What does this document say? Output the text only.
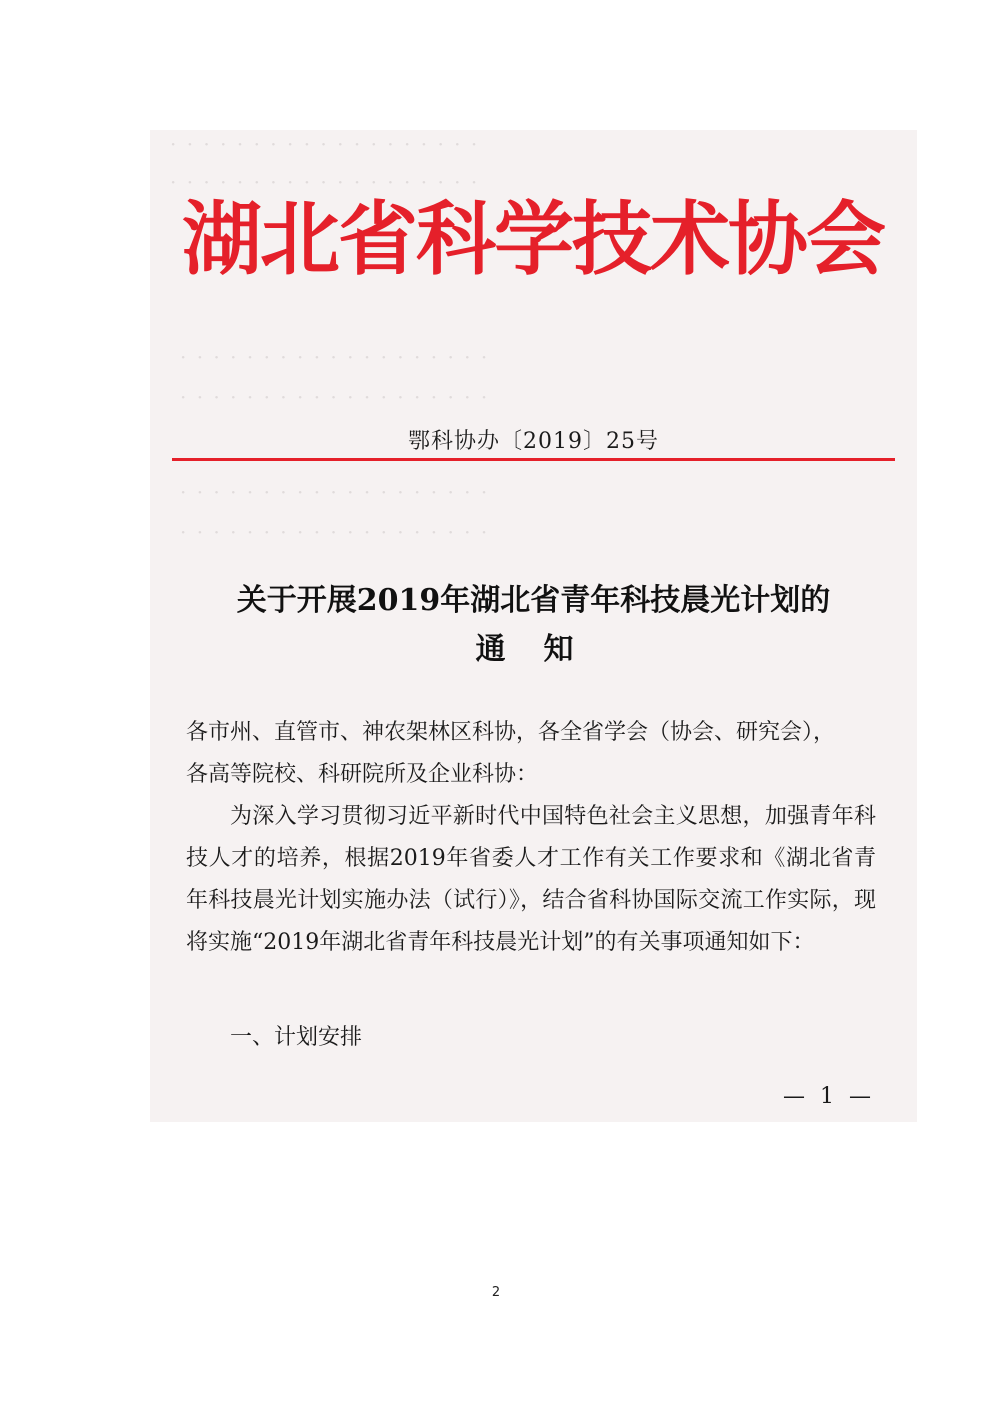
· · · · · · · · · · · · · · · · · · ·
· · · · · · · · · · · · · · · · · · ·
· · · · · · · · · · · · · · · · · · ·
· · · · · · · · · · · · · · · · · · ·
· · · · · · · · · · · · · · · · · · ·
· · · · · · · · · · · · · · · · · · ·
湖北省科学技术协会
鄂科协办〔2019〕25号
关于开展2019年湖北省青年科技晨光计划的
通知

各市州、直管市、神农架林区科协，各全省学会（协会、研究会），

各高等院校、科研院所及企业科协：

为深入学习贯彻习近平新时代中国特色社会主义思想，加强青年科技人才的培养，根据2019年省委人才工作有关工作要求和《湖北省青年科技晨光计划实施办法（试行）》，结合省科协国际交流工作实际，现将实施“2019年湖北省青年科技晨光计划”的有关事项通知如下：

一、计划安排
— 1 —
2
